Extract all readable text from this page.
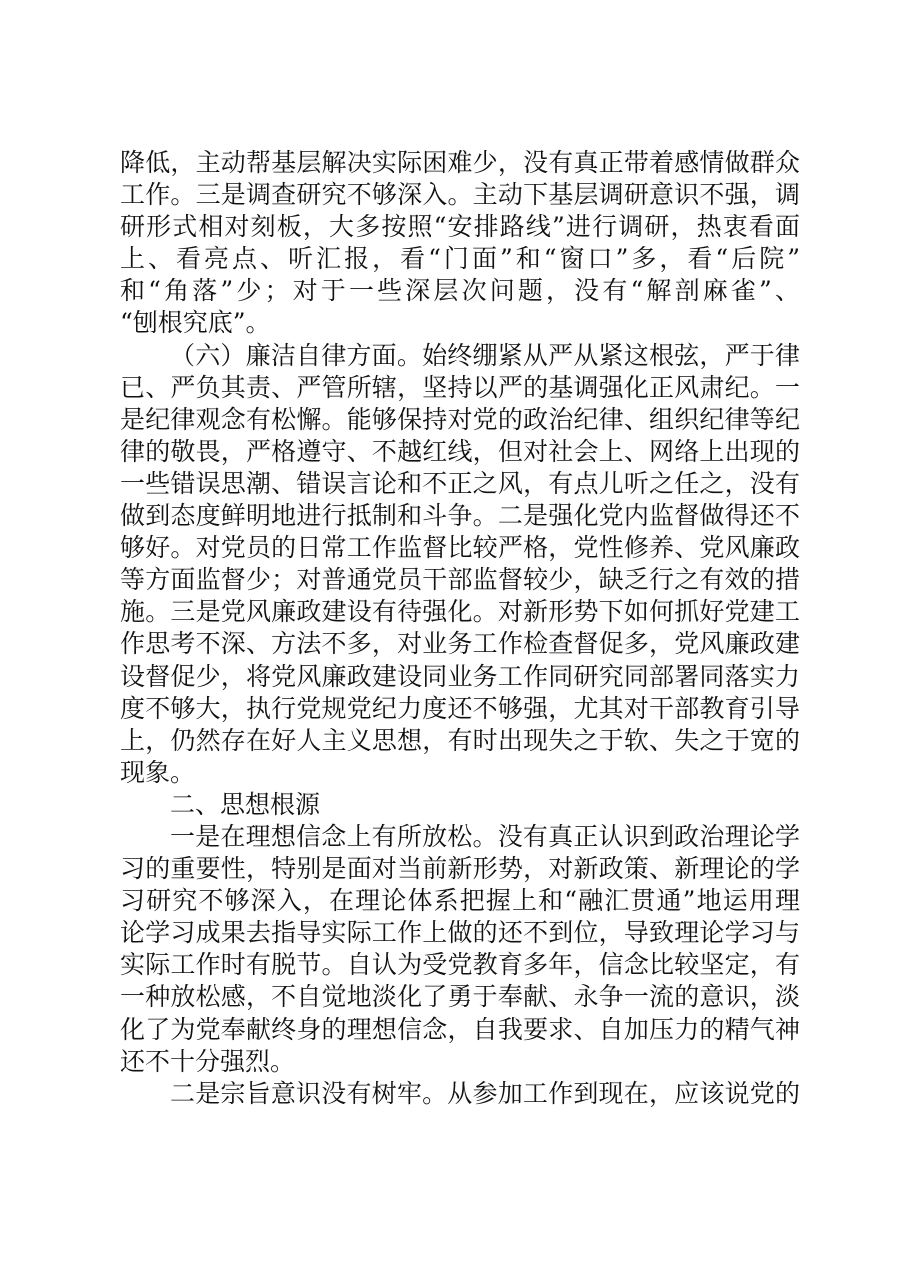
降低，主动帮基层解决实际困难少，没有真正带着感情做群众
工作。三是调查研究不够深入。主动下基层调研意识不强，调
研形式相对刻板，大多按照“安排路线”进行调研，热衷看面
上、看亮点、听汇报，看“门面”和“窗口”多，看“后院”
和“角落”少；对于一些深层次问题，没有“解剖麻雀”、
“刨根究底”。
（六）廉洁自律方面。始终绷紧从严从紧这根弦，严于律
已、严负其责、严管所辖，坚持以严的基调强化正风肃纪。一
是纪律观念有松懈。能够保持对党的政治纪律、组织纪律等纪
律的敬畏，严格遵守、不越红线，但对社会上、网络上出现的
一些错误思潮、错误言论和不正之风，有点儿听之任之，没有
做到态度鲜明地进行抵制和斗争。二是强化党内监督做得还不
够好。对党员的日常工作监督比较严格，党性修养、党风廉政
等方面监督少；对普通党员干部监督较少，缺乏行之有效的措
施。三是党风廉政建设有待强化。对新形势下如何抓好党建工
作思考不深、方法不多，对业务工作检查督促多，党风廉政建
设督促少，将党风廉政建设同业务工作同研究同部署同落实力
度不够大，执行党规党纪力度还不够强，尤其对干部教育引导
上，仍然存在好人主义思想，有时出现失之于软、失之于宽的
现象。
二、思想根源
一是在理想信念上有所放松。没有真正认识到政治理论学
习的重要性，特别是面对当前新形势，对新政策、新理论的学
习研究不够深入，在理论体系把握上和“融汇贯通”地运用理
论学习成果去指导实际工作上做的还不到位，导致理论学习与
实际工作时有脱节。自认为受党教育多年，信念比较坚定，有
一种放松感，不自觉地淡化了勇于奉献、永争一流的意识，淡
化了为党奉献终身的理想信念，自我要求、自加压力的精气神
还不十分强烈。
二是宗旨意识没有树牢。从参加工作到现在，应该说党的
